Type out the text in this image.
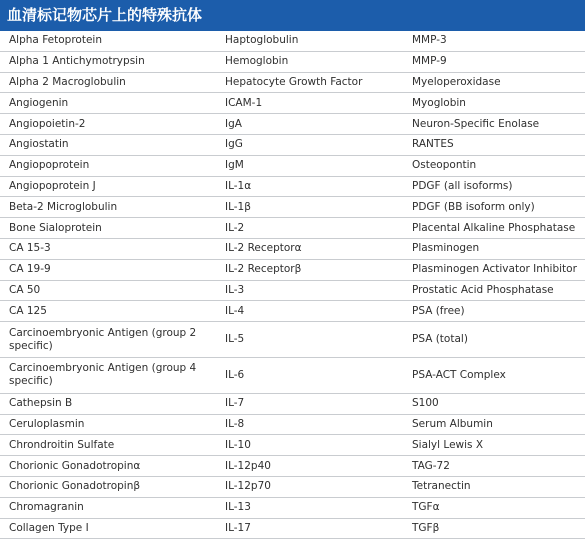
血清标记物芯片上的特殊抗体
Alpha Fetoprotein	Haptoglobulin	MMP-3
Alpha 1 Antichymotrypsin	Hemoglobin	MMP-9
Alpha 2 Macroglobulin	Hepatocyte Growth Factor	Myeloperoxidase
Angiogenin	ICAM-1	Myoglobin
Angiopoietin-2	IgA	Neuron-Specific Enolase
Angiostatin	IgG	RANTES
Angiopoprotein	IgM	Osteopontin
Angiopoprotein J	IL-1α	PDGF (all isoforms)
Beta-2 Microglobulin	IL-1β	PDGF (BB isoform only)
Bone Sialoprotein	IL-2	Placental Alkaline Phosphatase
CA 15-3	IL-2 Receptorα	Plasminogen
CA 19-9	IL-2 Receptorβ	Plasminogen Activator Inhibitor
CA 50	IL-3	Prostatic Acid Phosphatase
CA 125	IL-4	PSA (free)
Carcinoembryonic Antigen (group 2 specific)	IL-5	PSA (total)
Carcinoembryonic Antigen (group 4 specific)	IL-6	PSA-ACT Complex
Cathepsin B	IL-7	S100
Ceruloplasmin	IL-8	Serum Albumin
Chrondroitin Sulfate	IL-10	Sialyl Lewis X
Chorionic Gonadotropinα	IL-12p40	TAG-72
Chorionic Gonadotropinβ	IL-12p70	Tetranectin
Chromagranin	IL-13	TGFα
Collagen Type I	IL-17	TGFβ
